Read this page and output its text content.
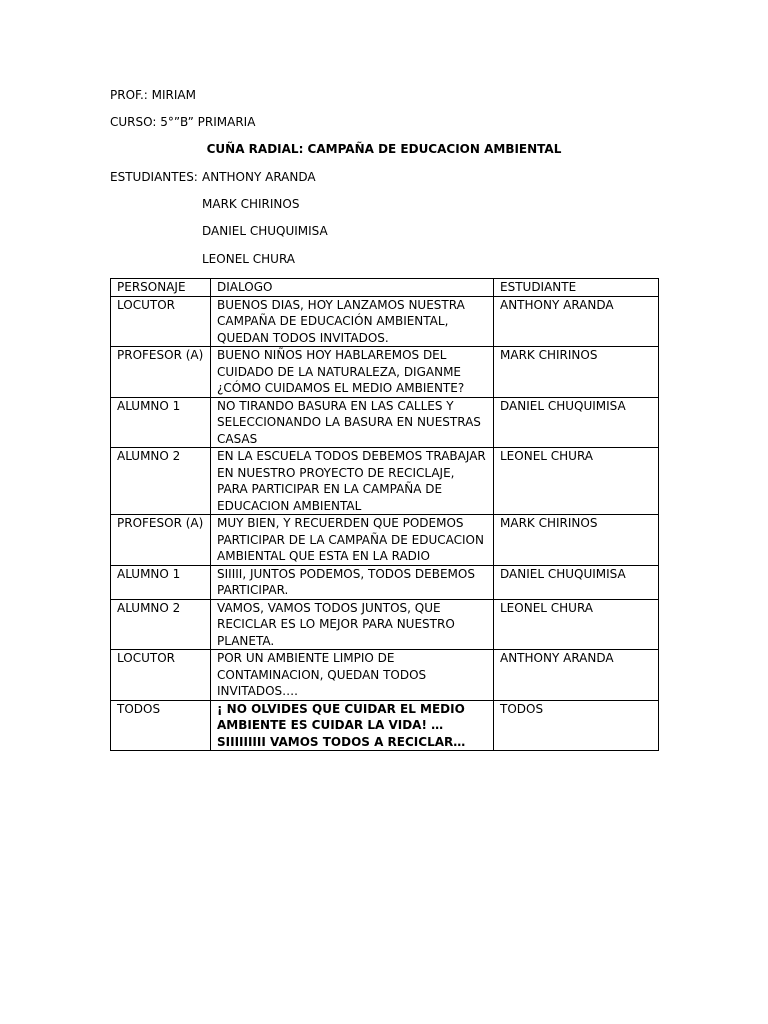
PROF.: MIRIAM
CURSO: 5°”B” PRIMARIA
CUÑA RADIAL: CAMPAÑA DE EDUCACION AMBIENTAL
ESTUDIANTES: ANTHONY ARANDA
MARK CHIRINOS
DANIEL CHUQUIMISA
LEONEL CHURA
PERSONAJE	DIALOGO	ESTUDIANTE
LOCUTOR	BUENOS DIAS, HOY LANZAMOS NUESTRA CAMPAÑA DE EDUCACIÓN AMBIENTAL, QUEDAN TODOS INVITADOS.	ANTHONY ARANDA
PROFESOR (A)	BUENO NIÑOS HOY HABLAREMOS DEL CUIDADO DE LA NATURALEZA, DIGANME ¿CÓMO CUIDAMOS EL MEDIO AMBIENTE?	MARK CHIRINOS
ALUMNO 1	NO TIRANDO BASURA EN LAS CALLES Y SELECCIONANDO LA BASURA EN NUESTRAS CASAS	DANIEL CHUQUIMISA
ALUMNO 2	EN LA ESCUELA TODOS DEBEMOS TRABAJAR EN NUESTRO PROYECTO DE RECICLAJE, PARA PARTICIPAR EN LA CAMPAÑA DE EDUCACION AMBIENTAL	LEONEL CHURA
PROFESOR (A)	MUY BIEN, Y RECUERDEN QUE PODEMOS PARTICIPAR DE LA CAMPAÑA DE EDUCACION AMBIENTAL QUE ESTA EN LA RADIO	MARK CHIRINOS
ALUMNO 1	SIIIII, JUNTOS PODEMOS, TODOS DEBEMOS PARTICIPAR.	DANIEL CHUQUIMISA
ALUMNO 2	VAMOS, VAMOS TODOS JUNTOS, QUE RECICLAR ES LO MEJOR PARA NUESTRO PLANETA.	LEONEL CHURA
LOCUTOR	POR UN AMBIENTE LIMPIO DE CONTAMINACION, QUEDAN TODOS INVITADOS….	ANTHONY ARANDA
TODOS	¡ NO OLVIDES QUE CUIDAR EL MEDIO AMBIENTE ES CUIDAR LA VIDA! …SIIIIIIIII VAMOS TODOS A RECICLAR…	TODOS
